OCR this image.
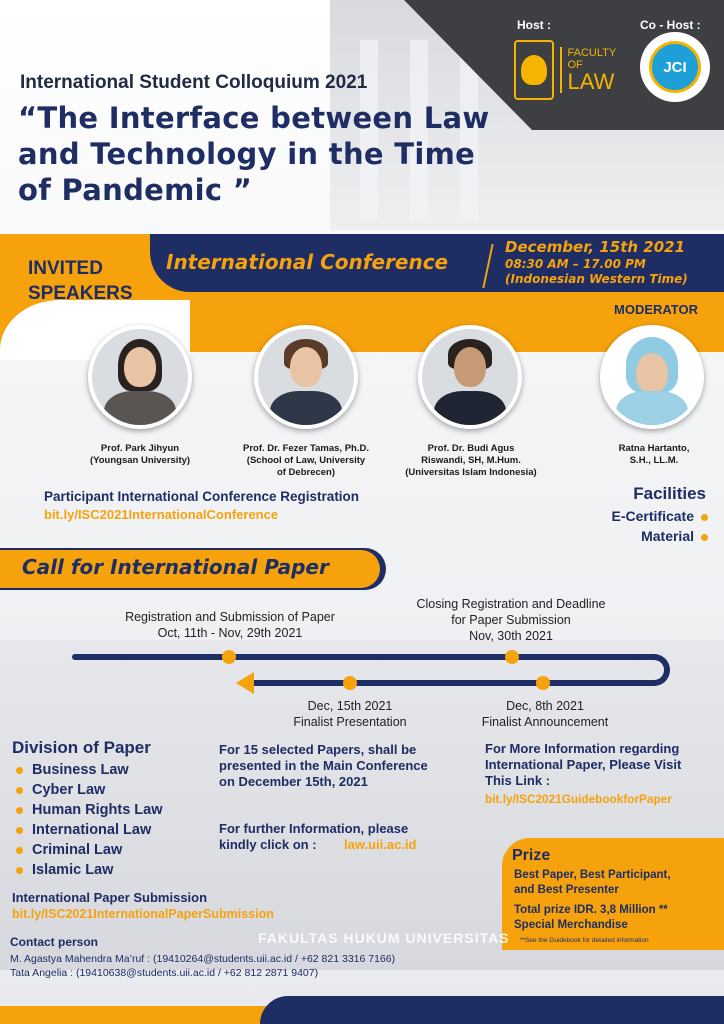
Host :	Co - Host :
FACULTY OF
LAW
JCI
International Student Colloquium 2021
“The Interface between Law and Technology in the Time of Pandemic ”
INVITED
SPEAKERS
International Conference
December, 15th 2021
08:30 AM – 17.00 PM
(Indonesian Western Time)
MODERATOR
Prof. Park Jihyun
(Youngsan University)
Prof. Dr. Fezer Tamas, Ph.D.
(School of Law, University
of Debrecen)
Prof. Dr. Budi Agus
Riswandi, SH, M.Hum.
(Universitas Islam Indonesia)
Ratna Hartanto,
S.H., LL.M.
Participant International Conference Registration
bit.ly/ISC2021InternationalConference
Facilities
E-Certificate
Material
Call for International Paper
Registration and Submission of Paper
Oct, 11th - Nov, 29th 2021
Closing Registration and Deadline
for Paper Submission
Nov, 30th 2021
Dec, 15th 2021
Finalist Presentation
Dec, 8th 2021
Finalist Announcement
Division of Paper
Business Law
Cyber Law
Human Rights Law
International Law
Criminal Law
Islamic Law
For 15 selected Papers, shall be
presented in the Main Conference
on December 15th, 2021
For further Information, please
kindly click on :	law.uii.ac.id
For More Information regarding
International Paper, Please Visit
This Link :
bit.ly/ISC2021GuidebookforPaper
Prize
Best Paper, Best Participant,
and Best Presenter
Total prize IDR. 3,8 Million **
Special Merchandise
**See the Guidebook for detailed information
International Paper Submission
bit.ly/ISC2021InternationalPaperSubmission
FAKULTAS HUKUM UNIVERSITAS
Contact person
M. Agastya Mahendra Ma’ruf : (19410264@students.uii.ac.id / +62 821 3316 7166)
Tata Angelia : (19410638@students.uii.ac.id / +62 812 2871 9407)
